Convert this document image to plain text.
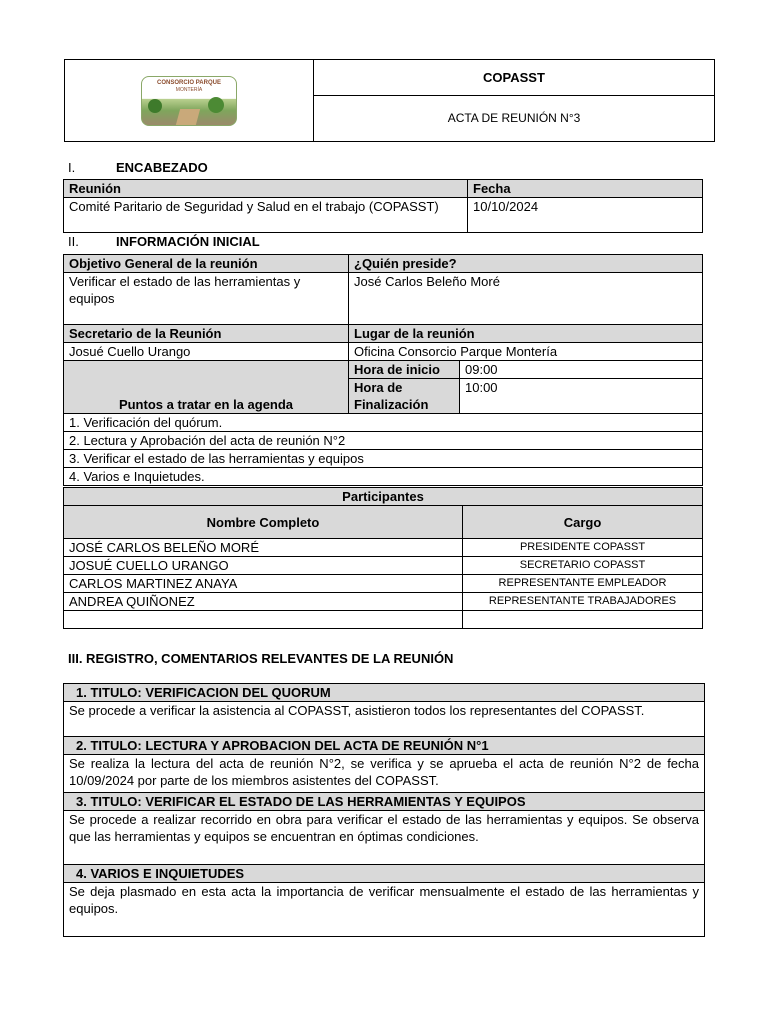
CONSORCIO PARQUE
MONTERÍA
	COPASST
ACTA DE REUNIÓN N°3
I.	ENCABEZADO
Reunión	Fecha
Comité Paritario de Seguridad y Salud en el trabajo (COPASST)	10/10/2024
II.	INFORMACIÓN INICIAL
Objetivo General de la reunión	¿Quién preside?	
Verificar el estado de las herramientas y equipos	José Carlos Beleño Moré	
Secretario de la Reunión	Lugar de la reunión	
Josué Cuello Urango	Oficina Consorcio Parque Montería	
Puntos a tratar en la agenda	Hora de inicio	09:00
	Hora de Finalización	10:00
1. Verificación del quórum.		
2. Lectura y Aprobación del acta de reunión N°2		
3. Verificar el estado de las herramientas y equipos		
4. Varios e Inquietudes.		
Participantes	
Nombre Completo	Cargo
JOSÉ CARLOS BELEÑO MORÉ	PRESIDENTE COPASST
JOSUÉ CUELLO URANGO	SECRETARIO COPASST
CARLOS MARTINEZ ANAYA	REPRESENTANTE EMPLEADOR
ANDREA QUIÑONEZ	REPRESENTANTE TRABAJADORES

III. REGISTRO, COMENTARIOS RELEVANTES DE LA REUNIÓN
1. TITULO: VERIFICACION DEL QUORUM
Se procede a verificar la asistencia al COPASST, asistieron todos los representantes del COPASST.
2. TITULO: LECTURA Y APROBACION DEL ACTA DE REUNIÓN N°1
Se realiza la lectura del acta de reunión N°2, se verifica y se aprueba el acta de reunión N°2 de fecha 10/09/2024 por parte de los miembros asistentes del COPASST.
3. TITULO: VERIFICAR EL ESTADO DE LAS HERRAMIENTAS Y EQUIPOS
Se procede a realizar recorrido en obra para verificar el estado de las herramientas y equipos. Se observa que las herramientas y equipos se encuentran en óptimas condiciones.
4. VARIOS E INQUIETUDES
Se deja plasmado en esta acta la importancia de verificar mensualmente el estado de las herramientas y equipos.
